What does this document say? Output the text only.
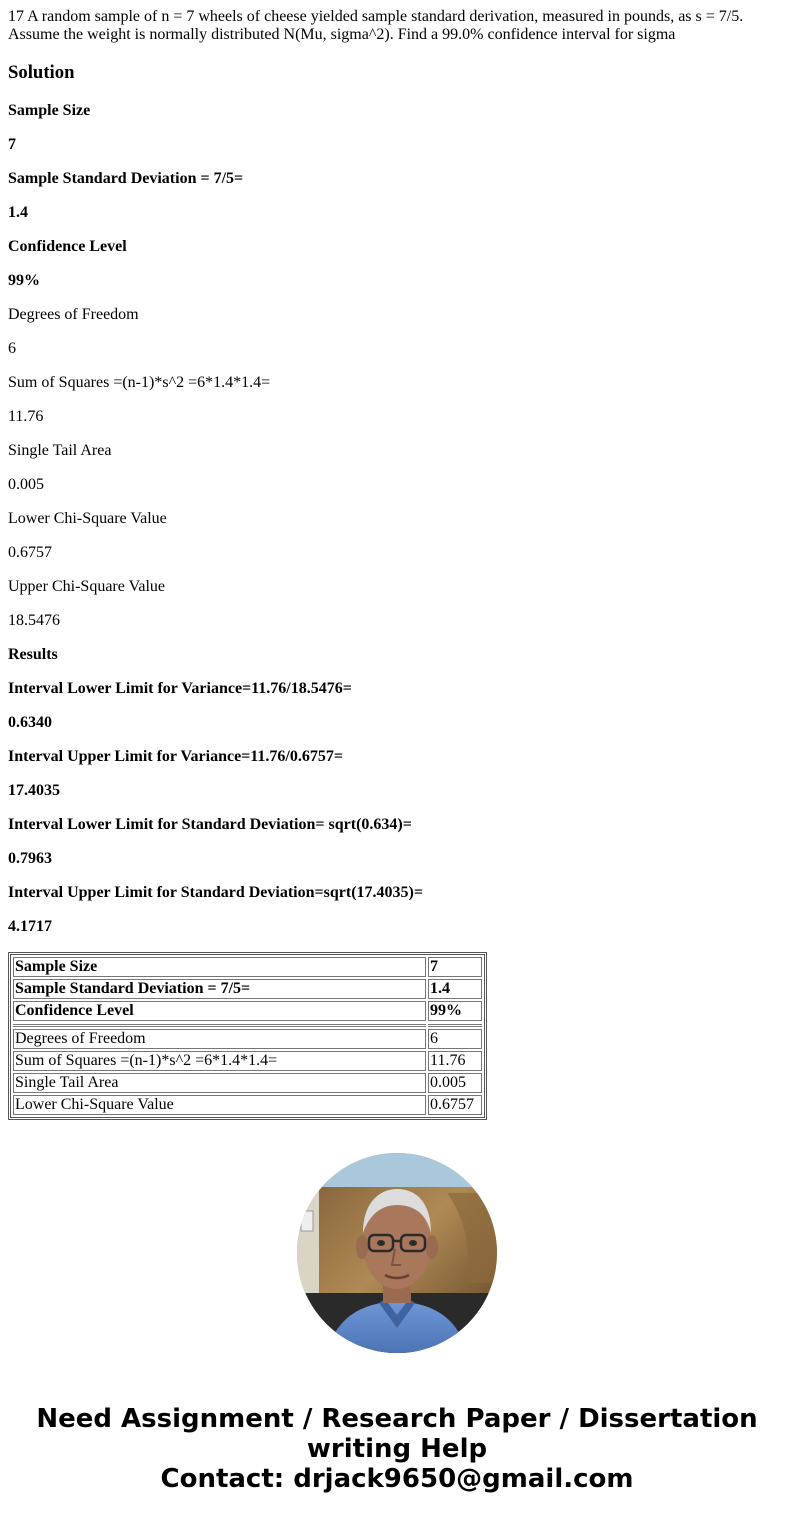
17 A random sample of n = 7 wheels of cheese yielded sample standard derivation, measured in pounds, as s = 7/5. Assume the weight is normally distributed N(Mu, sigma^2). Find a 99.0% confidence interval for sigma

Solution

Sample Size

7

Sample Standard Deviation = 7/5=

1.4

Confidence Level

99%

Degrees of Freedom

6

Sum of Squares =(n-1)*s^2 =6*1.4*1.4=

11.76

Single Tail Area

0.005

Lower Chi-Square Value

0.6757

Upper Chi-Square Value

18.5476

Results

Interval Lower Limit for Variance=11.76/18.5476=

0.6340

Interval Upper Limit for Variance=11.76/0.6757=

17.4035

Interval Lower Limit for Standard Deviation= sqrt(0.634)=

0.7963

Interval Upper Limit for Standard Deviation=sqrt(17.4035)=

4.1717

Sample Size	7
Sample Standard Deviation = 7/5=	1.4
Confidence Level	99%

Degrees of Freedom	6
Sum of Squares =(n-1)*s^2 =6*1.4*1.4=	11.76
Single Tail Area	0.005
Lower Chi-Square Value	0.6757
Need Assignment / Research Paper / Dissertation
writing Help
Contact: drjack9650@gmail.com
